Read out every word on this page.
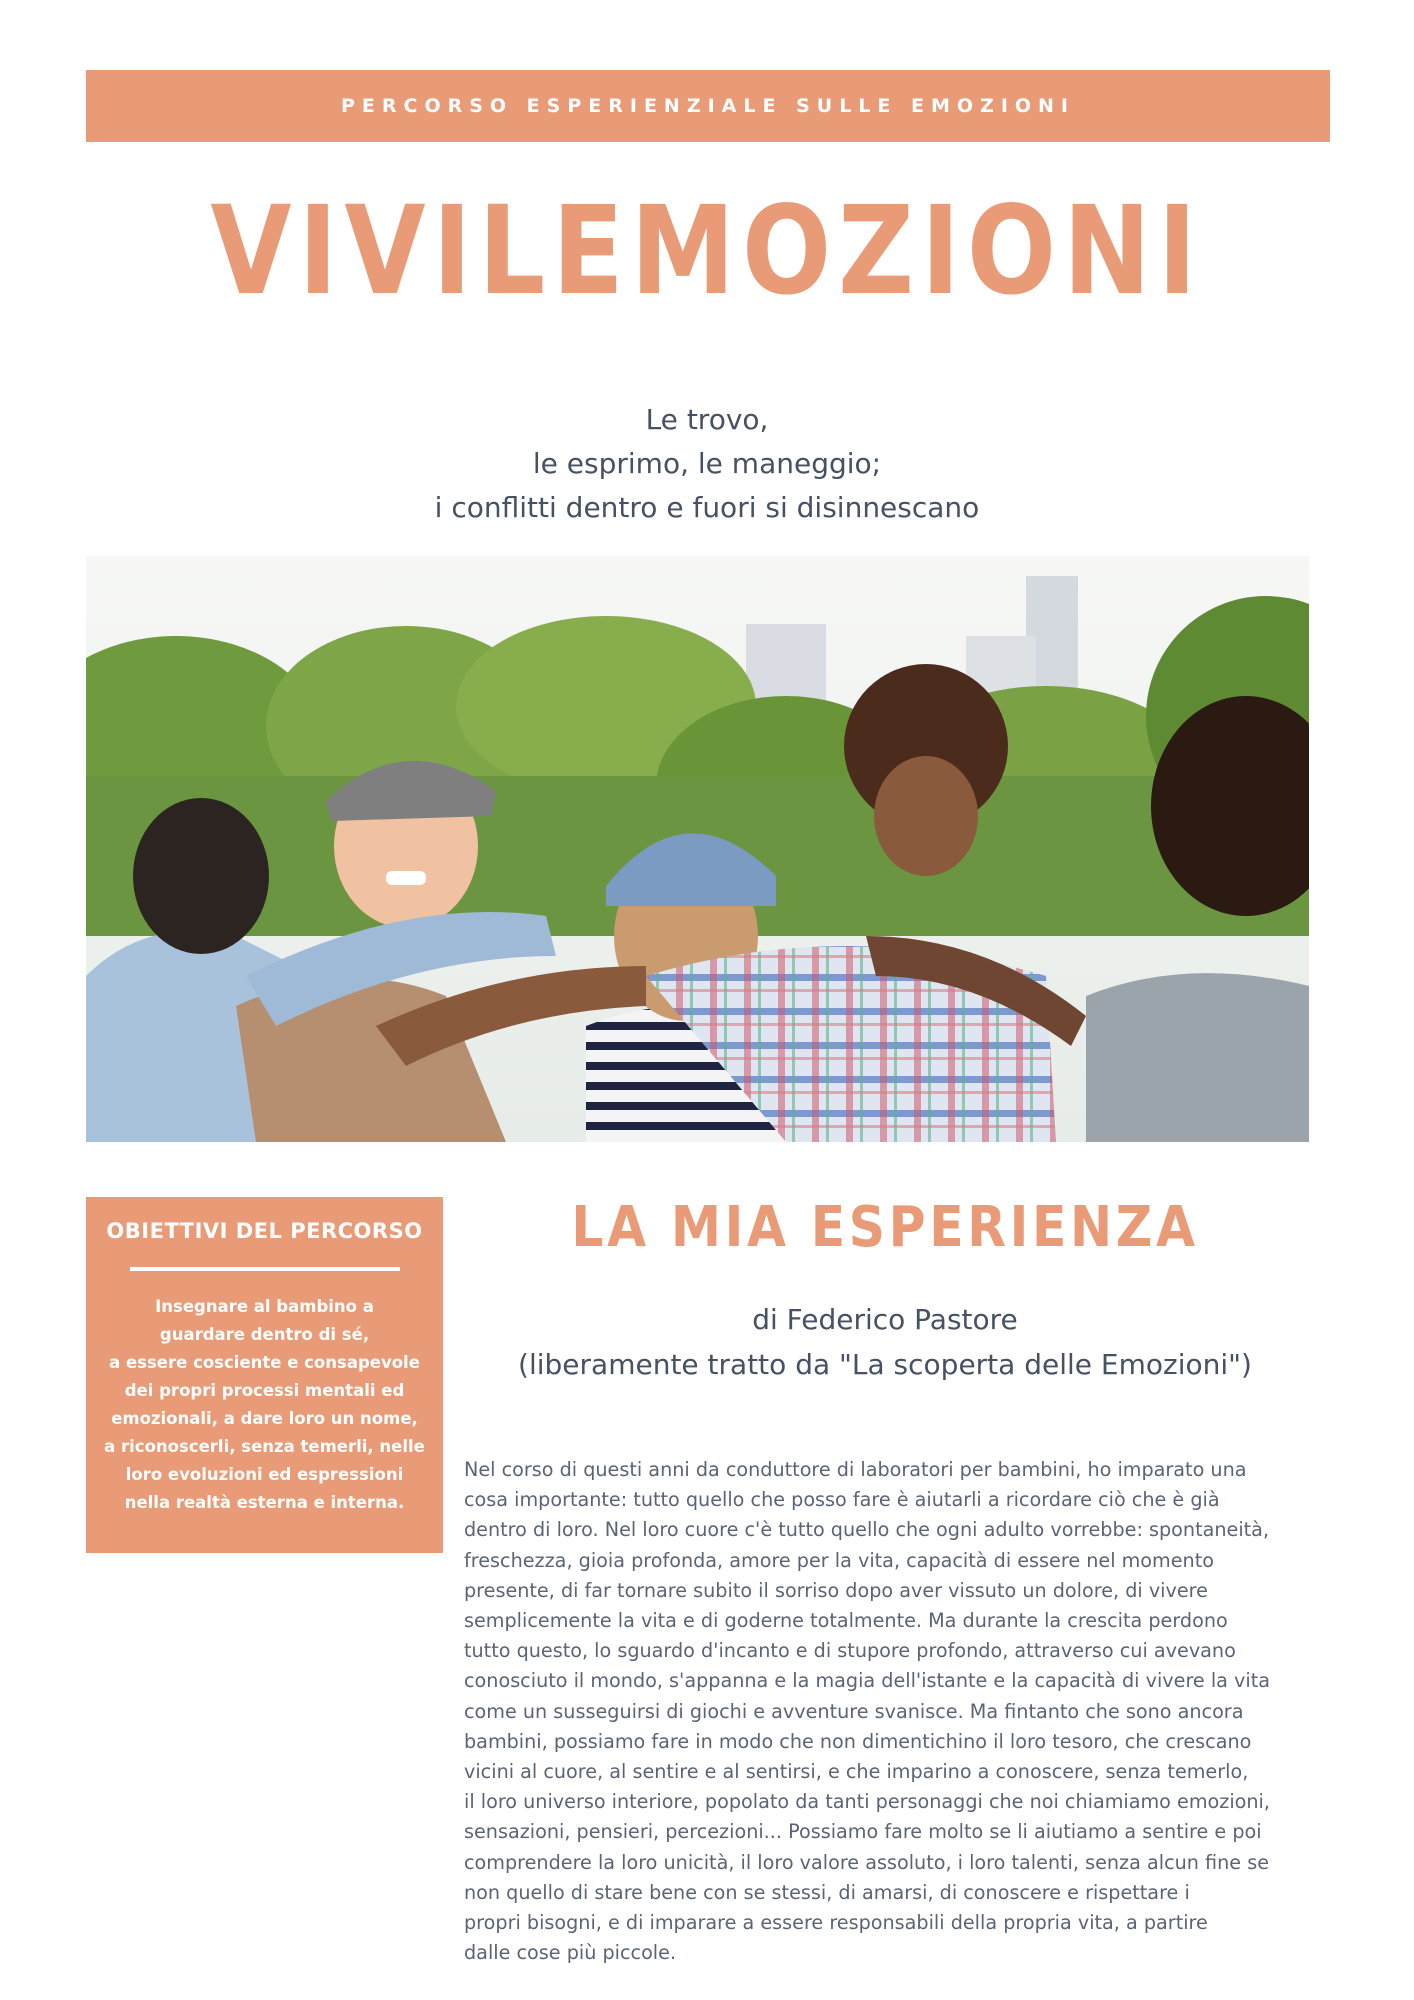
PERCORSO ESPERIENZIALE SULLE EMOZIONI
VIVILEMOZIONI
Le trovo,
le esprimo, le maneggio;
i conflitti dentro e fuori si disinnescano
OBIETTIVI DEL PERCORSO
Insegnare al bambino a
guardare dentro di sé,
a essere cosciente e consapevole
dei propri processi mentali ed
emozionali, a dare loro un nome,
a riconoscerli, senza temerli, nelle
loro evoluzioni ed espressioni
nella realtà esterna e interna.
LA MIA ESPERIENZA
di Federico Pastore
(liberamente tratto da "La scoperta delle Emozioni")
Nel corso di questi anni da conduttore di laboratori per bambini, ho imparato una
cosa importante: tutto quello che posso fare è aiutarli a ricordare ciò che è già
dentro di loro. Nel loro cuore c'è tutto quello che ogni adulto vorrebbe: spontaneità,
freschezza, gioia profonda, amore per la vita, capacità di essere nel momento
presente, di far tornare subito il sorriso dopo aver vissuto un dolore, di vivere
semplicemente la vita e di goderne totalmente. Ma durante la crescita perdono
tutto questo, lo sguardo d'incanto e di stupore profondo, attraverso cui avevano
conosciuto il mondo, s'appanna e la magia dell'istante e la capacità di vivere la vita
come un susseguirsi di giochi e avventure svanisce. Ma fintanto che sono ancora
bambini, possiamo fare in modo che non dimentichino il loro tesoro, che crescano
vicini al cuore, al sentire e al sentirsi, e che imparino a conoscere, senza temerlo,
il loro universo interiore, popolato da tanti personaggi che noi chiamiamo emozioni,
sensazioni, pensieri, percezioni... Possiamo fare molto se li aiutiamo a sentire e poi
comprendere la loro unicità, il loro valore assoluto, i loro talenti, senza alcun fine se
non quello di stare bene con se stessi, di amarsi, di conoscere e rispettare i
propri bisogni, e di imparare a essere responsabili della propria vita, a partire
dalle cose più piccole.
